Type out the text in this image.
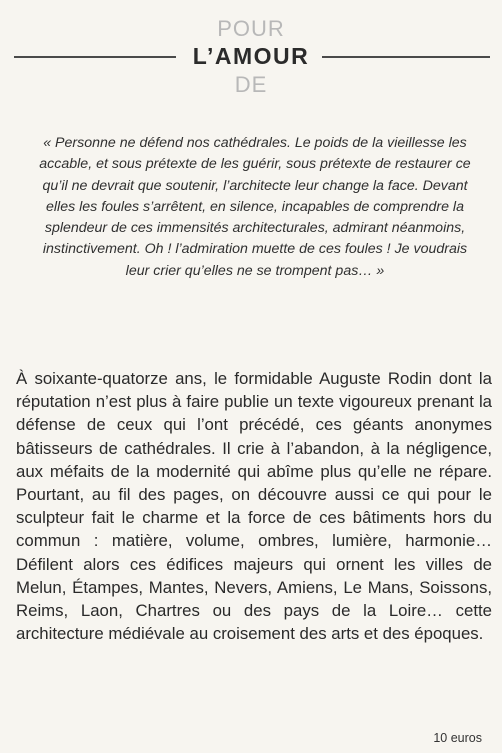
POUR
L’AMOUR
DE

« Personne ne défend nos cathédrales. Le poids de la vieillesse les accable, et sous prétexte de les guérir, sous prétexte de restaurer ce qu’il ne devrait que soutenir, l’architecte leur change la face. Devant elles les foules s’arrêtent, en silence, incapables de comprendre la splendeur de ces immensités architecturales, admirant néanmoins, instinctivement. Oh ! l’admiration muette de ces foules ! Je voudrais leur crier qu’elles ne se trompent pas… »

À soixante-quatorze ans, le formidable Auguste Rodin dont la réputation n’est plus à faire publie un texte vigoureux prenant la défense de ceux qui l’ont précédé, ces géants anonymes bâtisseurs de cathédrales. Il crie à l’abandon, à la négligence, aux méfaits de la modernité qui abîme plus qu’elle ne répare. Pourtant, au fil des pages, on découvre aussi ce qui pour le sculpteur fait le charme et la force de ces bâtiments hors du commun : matière, volume, ombres, lumière, harmonie… Défilent alors ces édifices majeurs qui ornent les villes de Melun, Étampes, Mantes, Nevers, Amiens, Le Mans, Soissons, Reims, Laon, Chartres ou des pays de la Loire… cette architecture médiévale au croisement des arts et des époques.

10 euros
